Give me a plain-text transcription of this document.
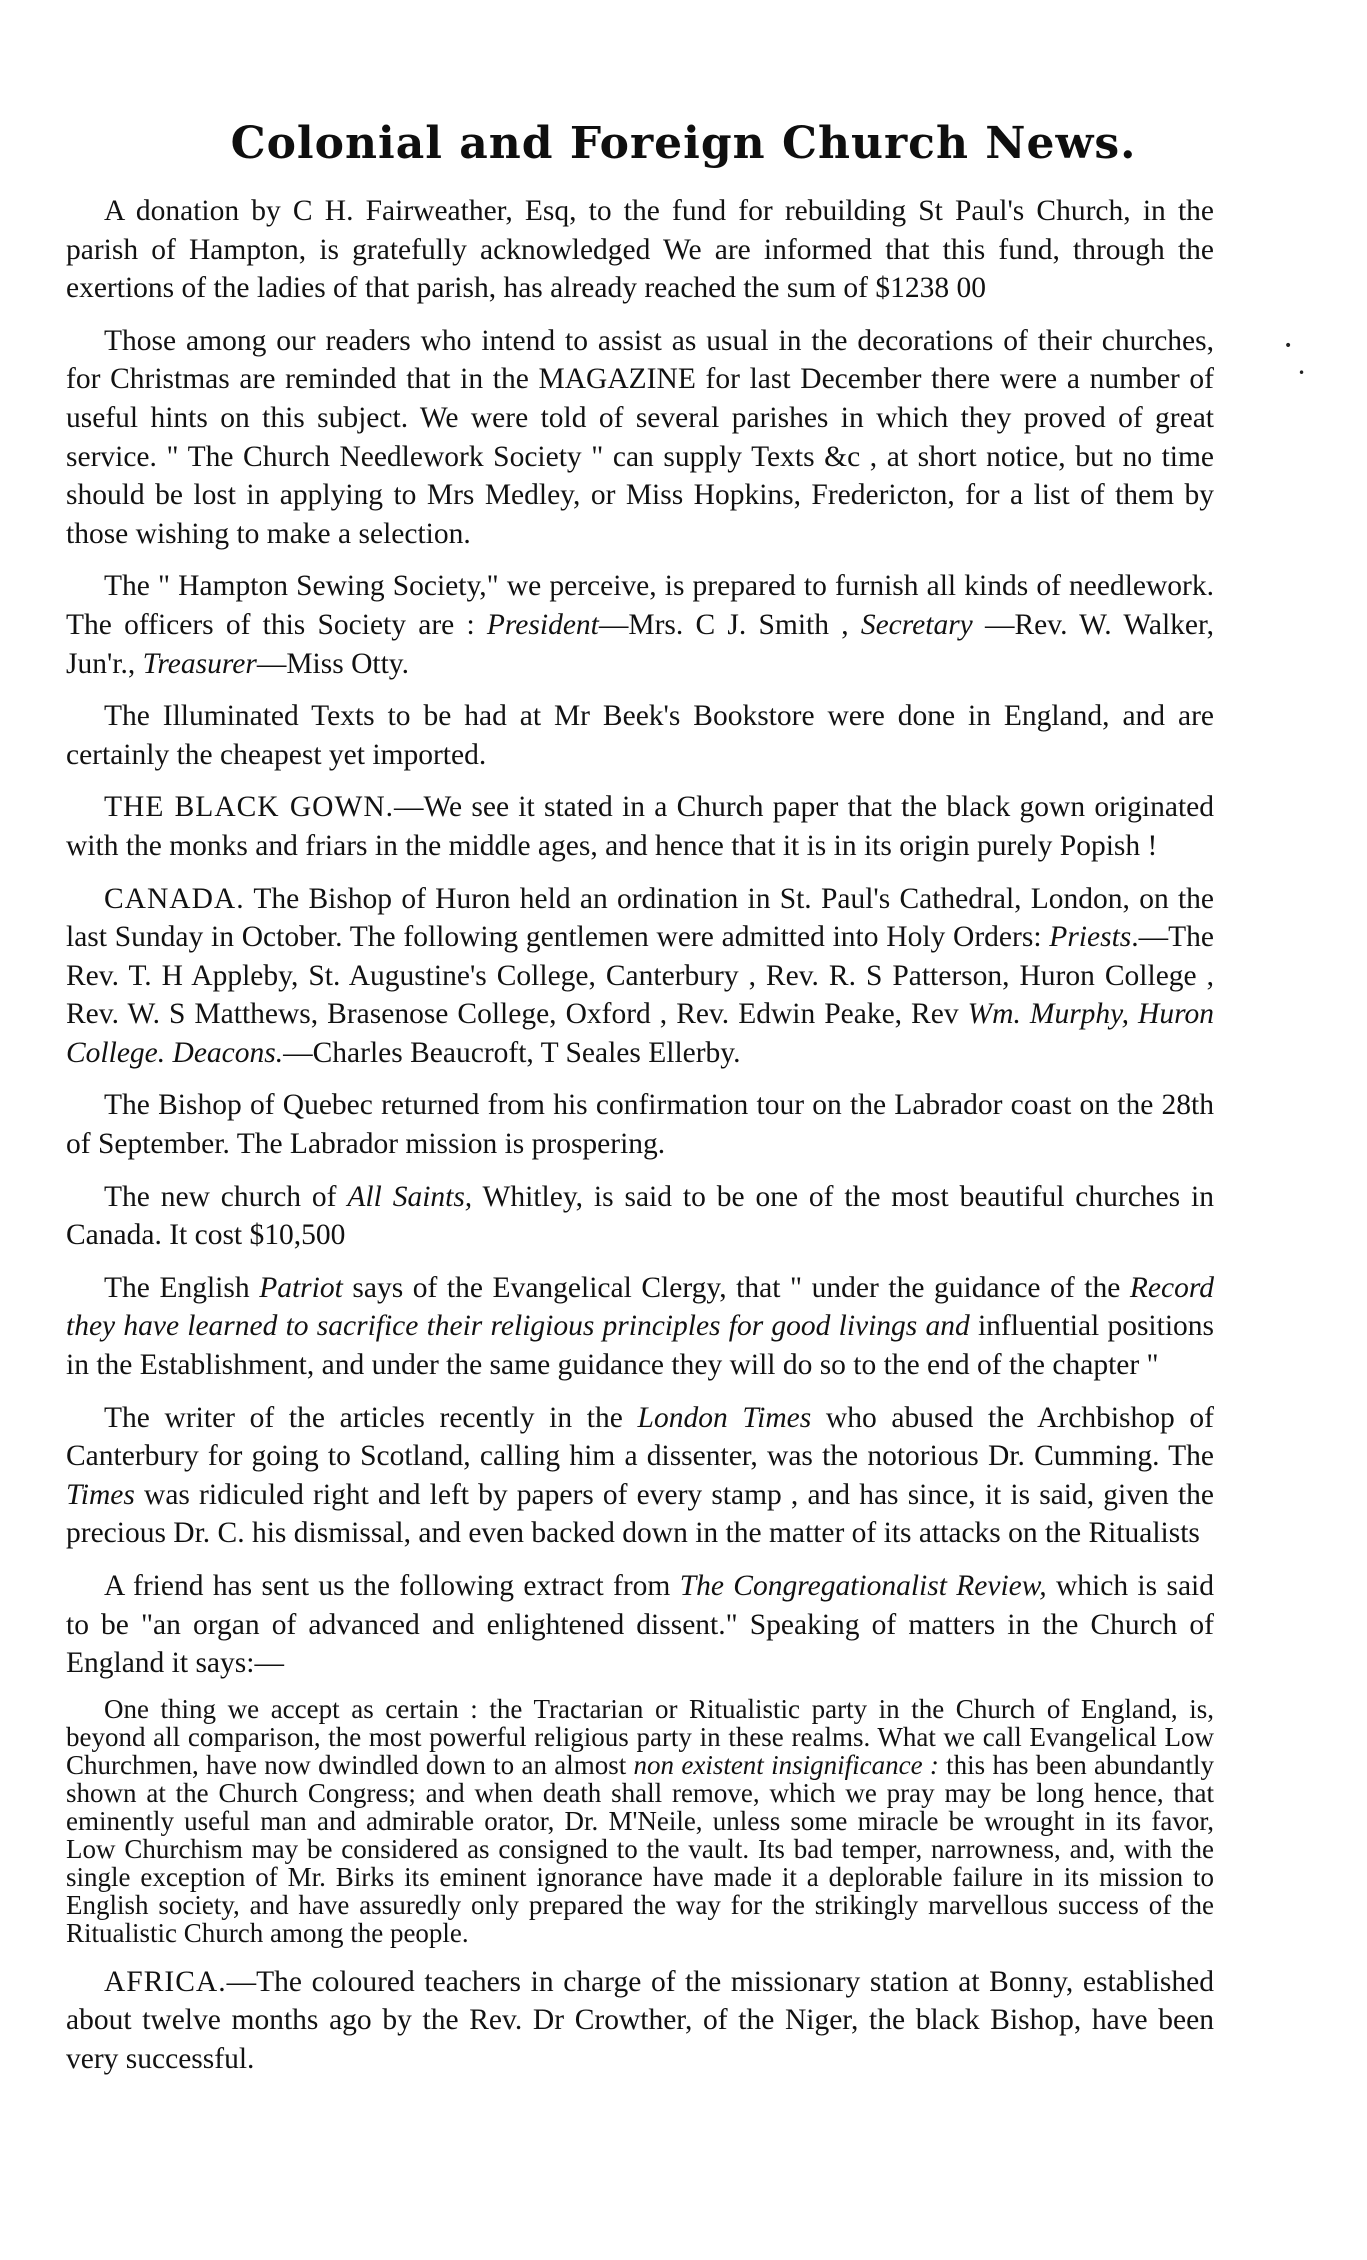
Colonial and Foreign Church News.
•
•

A donation by C H. Fairweather, Esq, to the fund for rebuilding St Paul's Church, in the parish of Hampton, is gratefully acknowledged We are informed that this fund, through the exertions of the ladies of that parish, has already reached the sum of $1238 00

Those among our readers who intend to assist as usual in the decorations of their churches, for Christmas are reminded that in the MAGAZINE for last December there were a number of useful hints on this subject. We were told of several parishes in which they proved of great service. " The Church Needlework Society " can supply Texts &c , at short notice, but no time should be lost in applying to Mrs Medley, or Miss Hopkins, Fredericton, for a list of them by those wishing to make a selection.

The " Hampton Sewing Society," we perceive, is prepared to furnish all kinds of needlework. The officers of this Society are : President—Mrs. C J. Smith , Secretary —Rev. W. Walker, Jun'r., Treasurer—Miss Otty.

The Illuminated Texts to be had at Mr Beek's Bookstore were done in England, and are certainly the cheapest yet imported.

THE BLACK GOWN.—We see it stated in a Church paper that the black gown originated with the monks and friars in the middle ages, and hence that it is in its origin purely Popish !

CANADA. The Bishop of Huron held an ordination in St. Paul's Cathedral, London, on the last Sunday in October. The following gentlemen were admitted into Holy Orders: Priests.—The Rev. T. H Appleby, St. Augustine's College, Canterbury , Rev. R. S Patterson, Huron College , Rev. W. S Matthews, Brasenose College, Oxford , Rev. Edwin Peake, Rev Wm. Murphy, Huron College. Deacons.—Charles Beaucroft, T Seales Ellerby.

The Bishop of Quebec returned from his confirmation tour on the Labrador coast on the 28th of September. The Labrador mission is prospering.

The new church of All Saints, Whitley, is said to be one of the most beautiful churches in Canada. It cost $10,500

The English Patriot says of the Evangelical Clergy, that " under the guidance of the Record they have learned to sacrifice their religious principles for good livings and influential positions in the Establishment, and under the same guidance they will do so to the end of the chapter "

The writer of the articles recently in the London Times who abused the Archbishop of Canterbury for going to Scotland, calling him a dissenter, was the notorious Dr. Cumming. The Times was ridiculed right and left by papers of every stamp , and has since, it is said, given the precious Dr. C. his dismissal, and even backed down in the matter of its attacks on the Ritualists

A friend has sent us the following extract from The Congregationalist Review, which is said to be "an organ of advanced and enlightened dissent." Speaking of matters in the Church of England it says:—

One thing we accept as certain : the Tractarian or Ritualistic party in the Church of England, is, beyond all comparison, the most powerful religious party in these realms. What we call Evangelical Low Churchmen, have now dwindled down to an almost non existent insignificance : this has been abundantly shown at the Church Congress; and when death shall remove, which we pray may be long hence, that eminently useful man and admirable orator, Dr. M'Neile, unless some miracle be wrought in its favor, Low Churchism may be considered as consigned to the vault. Its bad temper, narrowness, and, with the single exception of Mr. Birks its eminent ignorance have made it a deplorable failure in its mission to English society, and have assuredly only prepared the way for the strikingly marvellous success of the Ritualistic Church among the people.

AFRICA.—The coloured teachers in charge of the missionary station at Bonny, established about twelve months ago by the Rev. Dr Crowther, of the Niger, the black Bishop, have been very successful.
